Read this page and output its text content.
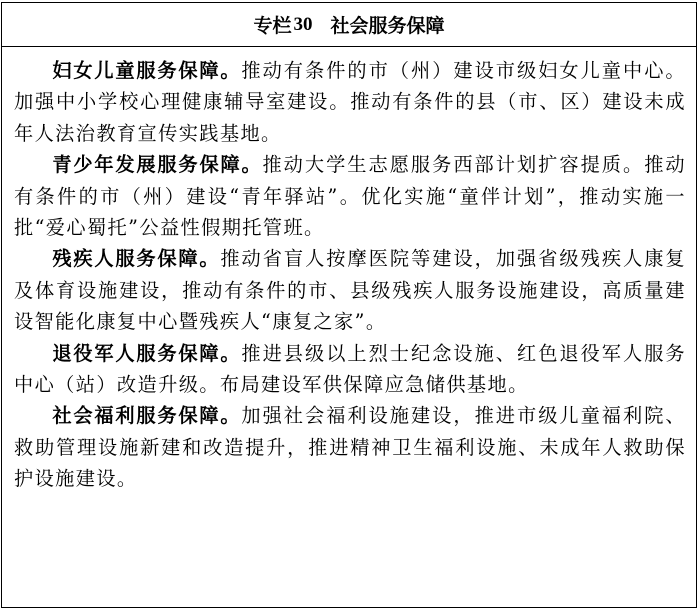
专栏 30 社会服务保障

妇女儿童服务保障。推动有条件的市（州）建设市级妇女儿童中心。加强中小学校心理健康辅导室建设。推动有条件的县（市、区）建设未成年人法治教育宣传实践基地。

青少年发展服务保障。推动大学生志愿服务西部计划扩容提质。推动有条件的市（州）建设“青年驿站”。优化实施“童伴计划”，推动实施一批“爱心蜀托”公益性假期托管班。

残疾人服务保障。推动省盲人按摩医院等建设，加强省级残疾人康复及体育设施建设，推动有条件的市、县级残疾人服务设施建设，高质量建设智能化康复中心暨残疾人“康复之家”。

退役军人服务保障。推进县级以上烈士纪念设施、红色退役军人服务中心（站）改造升级。布局建设军供保障应急储供基地。

社会福利服务保障。加强社会福利设施建设，推进市级儿童福利院、救助管理设施新建和改造提升，推进精神卫生福利设施、未成年人救助保护设施建设。
